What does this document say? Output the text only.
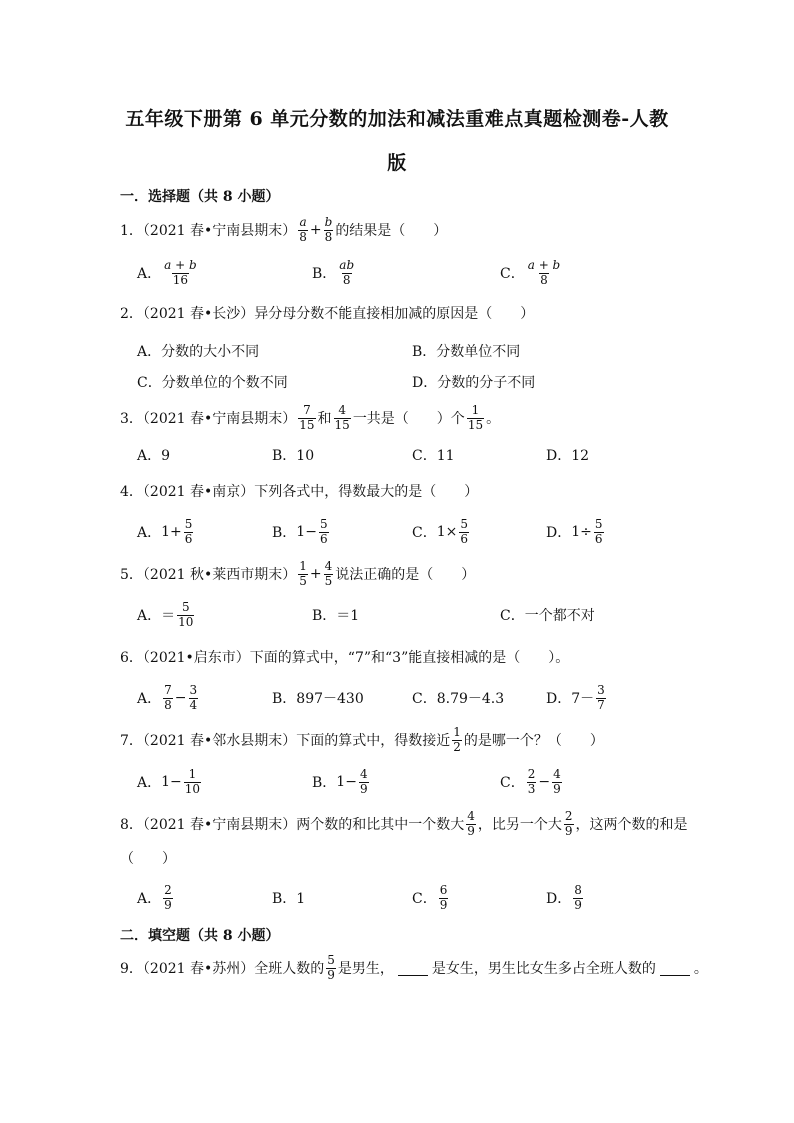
五年级下册第 6 单元分数的加法和减法重难点真题检测卷-人教
版
一．选择题（共 8 小题）
1．（2021 春•宁南县期末） $\frac{a}{8} + \frac{b}{8}$ 的结果是（　　）
A． $\frac{a + b}{16}$	B． $\frac{ab}{8}$	C． $\frac{a + b}{8}$
2．（2021 春•长沙）异分母分数不能直接相加减的原因是（　　）
A．分数的大小不同	B．分数单位不同
C．分数单位的个数不同	D．分数的分子不同
3．（2021 春•宁南县期末） $\frac{7}{15}$ 和 $\frac{4}{15}$ 一共是（　　）个 $\frac{1}{15}$ 。
A．9	B．10	C．11	D．12
4．（2021 春•南京）下列各式中，得数最大的是（　　）
A． $1+ \frac{5}{6}$	B． $1- \frac{5}{6}$	C． $1\times \frac{5}{6}$	D． $1\div \frac{5}{6}$
5．（2021 秋•莱西市期末） $\frac{1}{5} + \frac{4}{5}$ 说法正确的是（　　）
A． ＝ $\frac{5}{10}$	B．＝1	C．一个都不对
6．（2021•启东市）下面的算式中，“7”和“3”能直接相减的是（　　）。
A． $\frac{7}{8} - \frac{3}{4}$	B．897－430	C．8.79－4.3	D． $7- \frac{3}{7}$
7．（2021 春•邻水县期末）下面的算式中，得数接近 $\frac{1}{2}$ 的是哪一个？（　　）
A． $1- \frac{1}{10}$	B． $1- \frac{4}{9}$	C． $\frac{2}{3} - \frac{4}{9}$
8．（2021 春•宁南县期末）两个数的和比其中一个数大 $\frac{4}{9}$ ，比另一个大 $\frac{2}{9}$ ，这两个数的和是
（　　）
A． $\frac{2}{9}$	B．1	C． $\frac{6}{9}$	D． $\frac{8}{9}$
二．填空题（共 8 小题）
9．（2021 春•苏州）全班人数的 $\frac{5}{9}$ 是男生，	是女生，男生比女生多占全班人数的	。
